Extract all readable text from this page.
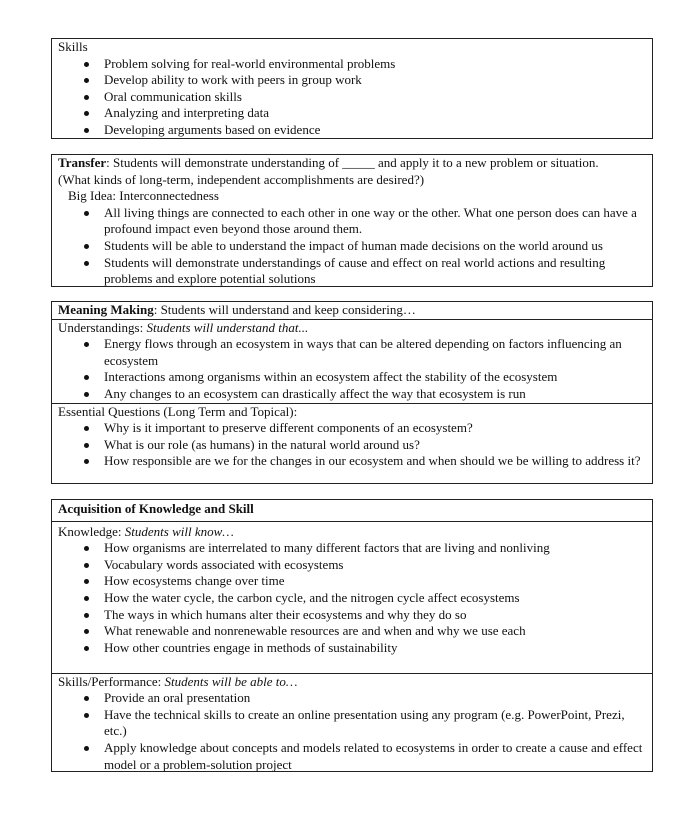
Skills
Problem solving for real-world environmental problems
Develop ability to work with peers in group work
Oral communication skills
Analyzing and interpreting data
Developing arguments based on evidence
Transfer: Students will demonstrate understanding of _____ and apply it to a new problem or situation.
(What kinds of long-term, independent accomplishments are desired?)
Big Idea: Interconnectedness
All living things are connected to each other in one way or the other. What one person does can have a profound impact even beyond those around them.
Students will be able to understand the impact of human made decisions on the world around us
Students will demonstrate understandings of cause and effect on real world actions and resulting problems and explore potential solutions
Meaning Making: Students will understand and keep considering…
Understandings: Students will understand that...
Energy flows through an ecosystem in ways that can be altered depending on factors influencing an ecosystem
Interactions among organisms within an ecosystem affect the stability of the ecosystem
Any changes to an ecosystem can drastically affect the way that ecosystem is run
Essential Questions (Long Term and Topical):
Why is it important to preserve different components of an ecosystem?
What is our role (as humans) in the natural world around us?
How responsible are we for the changes in our ecosystem and when should we be willing to address it?
Acquisition of Knowledge and Skill
Knowledge: Students will know…
How organisms are interrelated to many different factors that are living and nonliving
Vocabulary words associated with ecosystems
How ecosystems change over time
How the water cycle, the carbon cycle, and the nitrogen cycle affect ecosystems
The ways in which humans alter their ecosystems and why they do so
What renewable and nonrenewable resources are and when and why we use each
How other countries engage in methods of sustainability
Skills/Performance: Students will be able to…
Provide an oral presentation
Have the technical skills to create an online presentation using any program (e.g. PowerPoint, Prezi, etc.)
Apply knowledge about concepts and models related to ecosystems in order to create a cause and effect model or a problem-solution project
